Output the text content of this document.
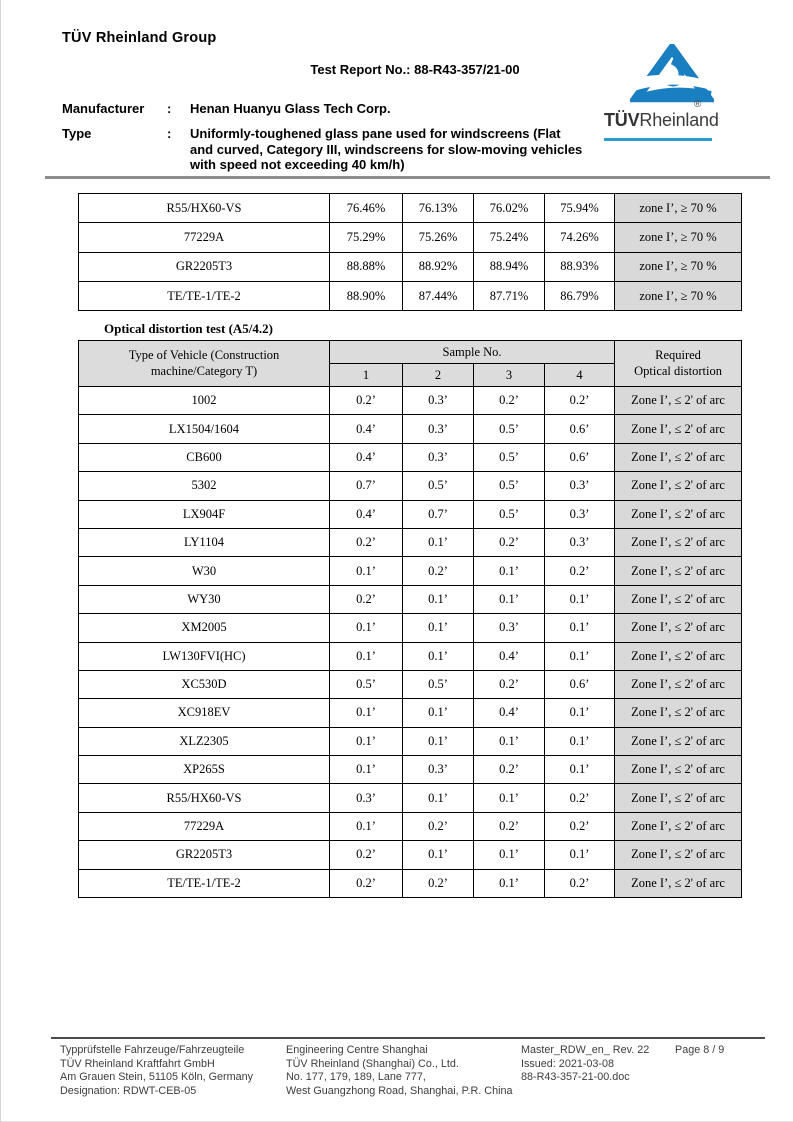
TÜV Rheinland Group
Test Report No.: 88-R43-357/21-00
Manufacturer : Henan Huanyu Glass Tech Corp.
Type	: Uniformly-toughened glass pane used for windscreens (Flat
and curved, Category III, windscreens for slow-moving vehicles
with speed not exceeding 40 km/h)
TÜVRheinland
®
R55/HX60-VS	76.46%	76.13%	76.02%	75.94%	zone I’, ≥ 70 %
77229A	75.29%	75.26%	75.24%	74.26%	zone I’, ≥ 70 %
GR2205T3	88.88%	88.92%	88.94%	88.93%	zone I’, ≥ 70 %
TE/TE-1/TE-2	88.90%	87.44%	87.71%	86.79%	zone I’, ≥ 70 %
Optical distortion test (A5/4.2)
Type of Vehicle (Construction
machine/Category T)
	Sample No.	Required
Optical distortion

	1	2	3	4	
1002	0.2’	0.3’	0.2’	0.2’	Zone I’, ≤ 2' of arc
LX1504/1604	0.4’	0.3’	0.5’	0.6’	Zone I’, ≤ 2' of arc
CB600	0.4’	0.3’	0.5’	0.6’	Zone I’, ≤ 2' of arc
5302	0.7’	0.5’	0.5’	0.3’	Zone I’, ≤ 2' of arc
LX904F	0.4’	0.7’	0.5’	0.3’	Zone I’, ≤ 2' of arc
LY1104	0.2’	0.1’	0.2’	0.3’	Zone I’, ≤ 2' of arc
W30	0.1’	0.2’	0.1’	0.2’	Zone I’, ≤ 2' of arc
WY30	0.2’	0.1’	0.1’	0.1’	Zone I’, ≤ 2' of arc
XM2005	0.1’	0.1’	0.3’	0.1’	Zone I’, ≤ 2' of arc
LW130FVI(HC)	0.1’	0.1’	0.4’	0.1’	Zone I’, ≤ 2' of arc
XC530D	0.5’	0.5’	0.2’	0.6’	Zone I’, ≤ 2' of arc
XC918EV	0.1’	0.1’	0.4’	0.1’	Zone I’, ≤ 2' of arc
XLZ2305	0.1’	0.1’	0.1’	0.1’	Zone I’, ≤ 2' of arc
XP265S	0.1’	0.3’	0.2’	0.1’	Zone I’, ≤ 2' of arc
R55/HX60-VS	0.3’	0.1’	0.1’	0.2’	Zone I’, ≤ 2' of arc
77229A	0.1’	0.2’	0.2’	0.2’	Zone I’, ≤ 2' of arc
GR2205T3	0.2’	0.1’	0.1’	0.1’	Zone I’, ≤ 2' of arc
TE/TE-1/TE-2	0.2’	0.2’	0.1’	0.2’	Zone I’, ≤ 2' of arc
Typprüfstelle Fahrzeuge/Fahrzeugteile
TÜV Rheinland Kraftfahrt GmbH
Am Grauen Stein, 51105 Köln, Germany
Designation: RDWT-CEB-05
Engineering Centre Shanghai
TÜV Rheinland (Shanghai) Co., Ltd.
No. 177, 179, 189, Lane 777,
West Guangzhong Road, Shanghai, P.R. China
Master_RDW_en_ Rev. 22
Issued: 2021-03-08
88-R43-357-21-00.doc
Page 8 / 9
